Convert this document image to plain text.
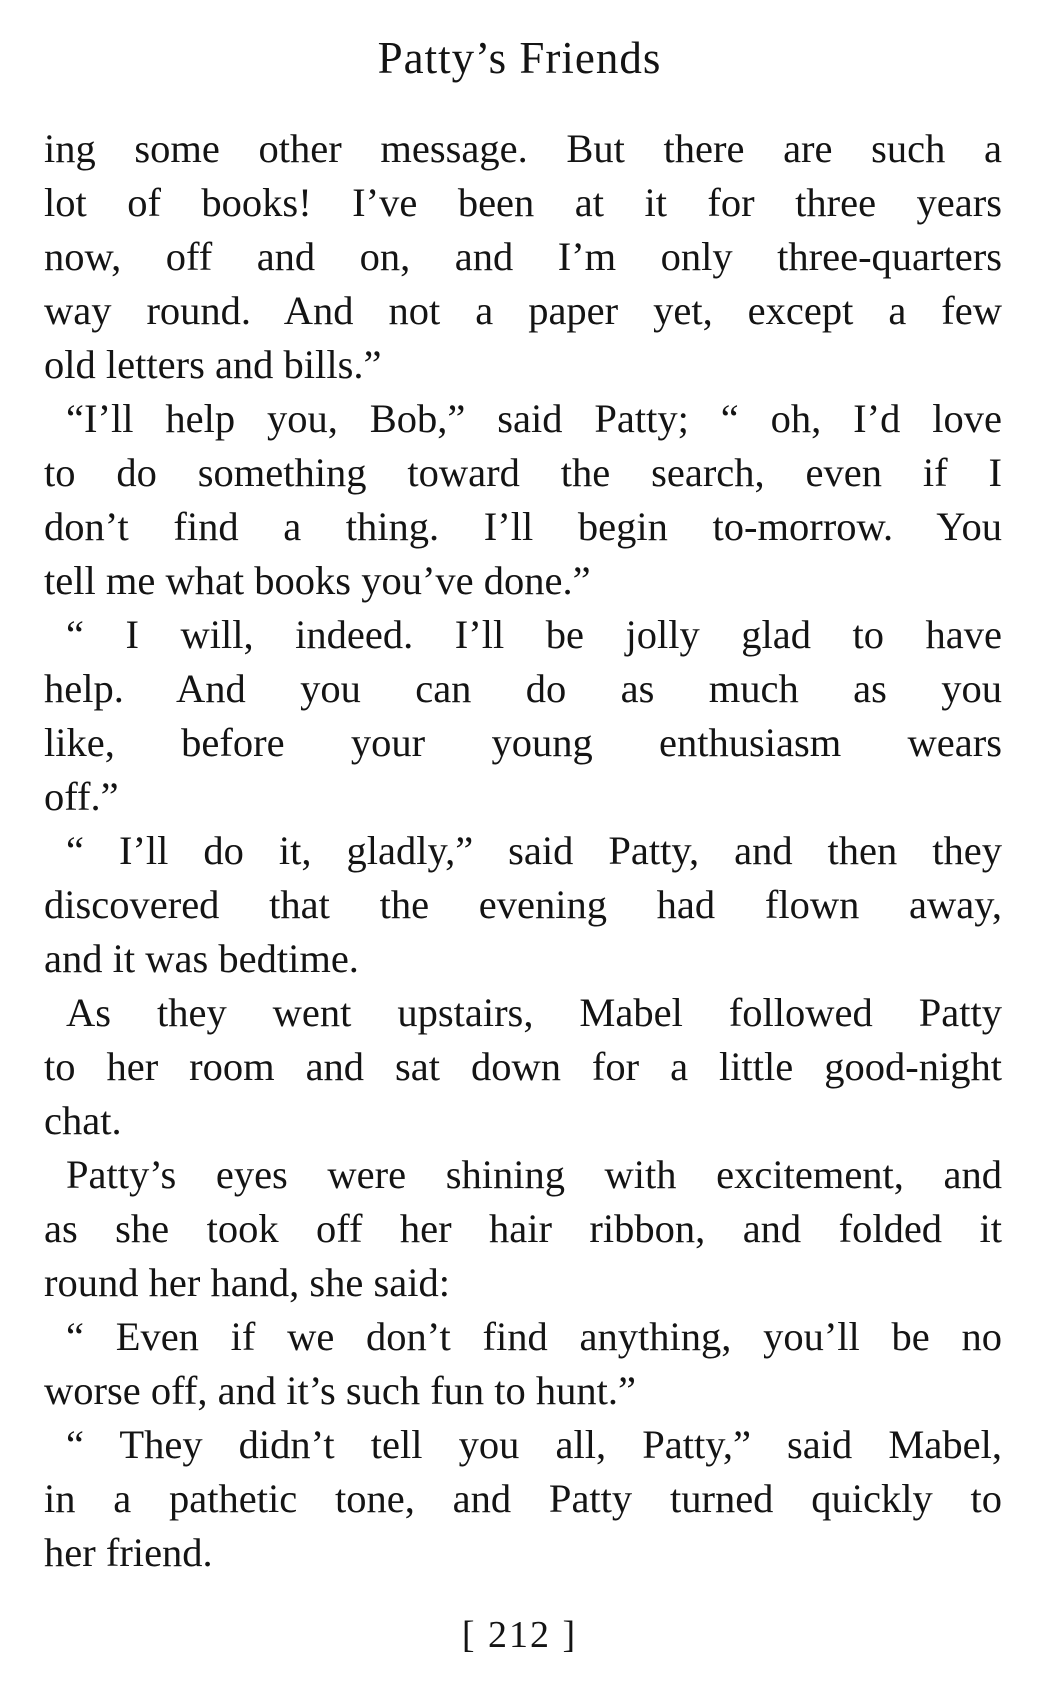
Patty’s Friends
ing some other message. But there are such a
lot of books! I’ve been at it for three years
now, off and on, and I’m only three-quarters
way round. And not a paper yet, except a few
old letters and bills.”
“I’ll help you, Bob,” said Patty; “ oh, I’d love
to do something toward the search, even if I
don’t find a thing. I’ll begin to-morrow. You
tell me what books you’ve done.”
“ I will, indeed. I’ll be jolly glad to have
help. And you can do as much as you
like, before your young enthusiasm wears
off.”
“ I’ll do it, gladly,” said Patty, and then they
discovered that the evening had flown away,
and it was bedtime.
As they went upstairs, Mabel followed Patty
to her room and sat down for a little good-night
chat.
Patty’s eyes were shining with excitement, and
as she took off her hair ribbon, and folded it
round her hand, she said:
“ Even if we don’t find anything, you’ll be no
worse off, and it’s such fun to hunt.”
“ They didn’t tell you all, Patty,” said Mabel,
in a pathetic tone, and Patty turned quickly to
her friend.
[ 212 ]
